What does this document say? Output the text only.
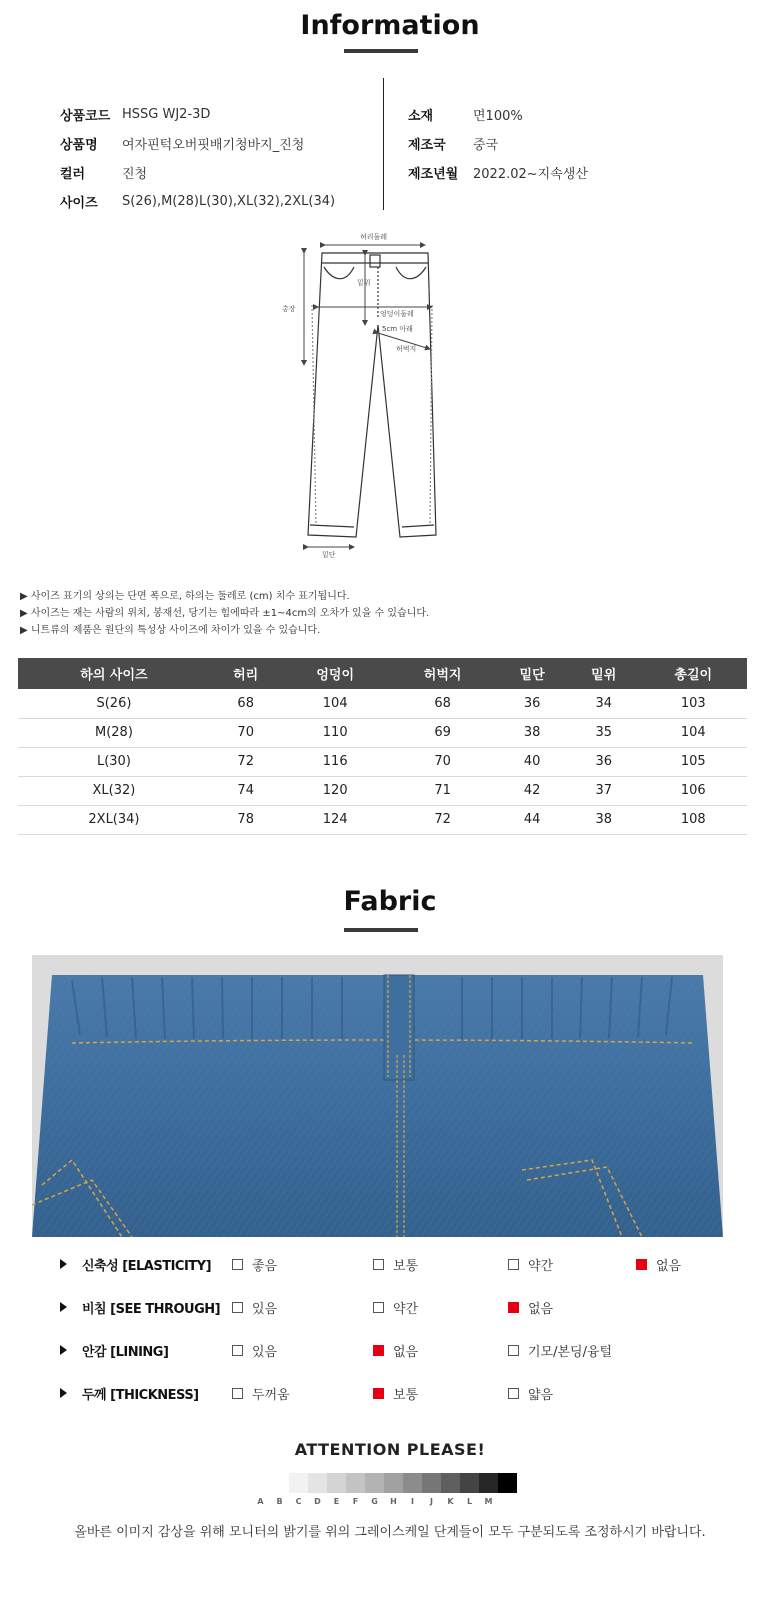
Information
상품코드 HSSG WJ2-3D
상품명	여자핀턱오버핏배기청바지_진청
컬러	진청
사이즈	S(26),M(28)L(30),XL(32),2XL(34)
소재	면100%
제조국	중국
제조년월	2022.02~지속생산
허리둘레
총장
밑위
엉덩이둘레
5cm 아래
허벅지
밑단
▶ 사이즈 표기의 상의는 단면 폭으로, 하의는 둘레로 (cm) 치수 표기됩니다.
▶ 사이즈는 재는 사람의 위치, 봉재선, 당기는 힘에따라 ±1~4cm의 오차가 있을 수 있습니다.
▶ 니트류의 제품은 원단의 특성상 사이즈에 차이가 있을 수 있습니다.
하의 사이즈	허리	엉덩이	허벅지	밑단	밑위	총길이
S(26)	68	104	68	36	34	103
M(28)	70	110	69	38	35	104
L(30)	72	116	70	40	36	105
XL(32)	74	120	71	42	37	106
2XL(34)	78	124	72	44	38	108
Fabric
신축성 [ELASTICITY]	좋음	보통	약간	없음
비침 [SEE THROUGH] 있음	약간	없음
안감 [LINING]	있음	없음	기모/본딩/융털
두께 [THICKNESS]	두꺼움	보통	얇음
ATTENTION PLEASE!
A	B	C	D	E	F	G	H	I	J	K	L	M
올바른 이미지 감상을 위해 모니터의 밝기를 위의 그레이스케일 단계들이 모두 구분되도록 조정하시기 바랍니다.
